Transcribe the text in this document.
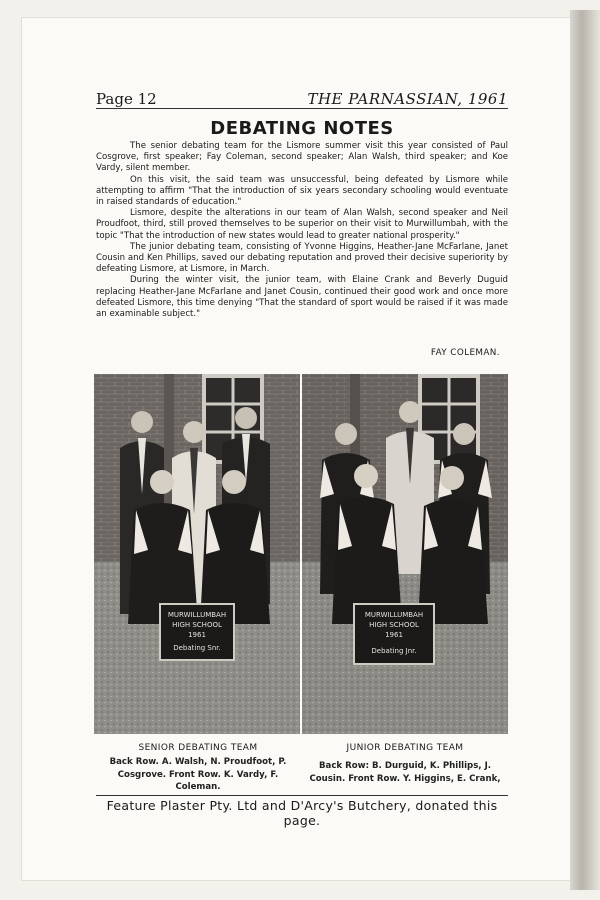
Page 12	THE PARNASSIAN, 1961
DEBATING NOTES

The senior debating team for the Lismore summer visit this year consisted of Paul Cosgrove, first speaker; Fay Coleman, second speaker; Alan Walsh, third speaker; and Koe Vardy, silent member.

On this visit, the said team was unsuccessful, being defeated by Lismore while attempting to affirm "That the introduction of six years secondary schooling would eventuate in raised standards of education."

Lismore, despite the alterations in our team of Alan Walsh, second speaker and Neil Proudfoot, third, still proved themselves to be superior on their visit to Murwillumbah, with the topic "That the introduction of new states would lead to greater national prosperity."

The junior debating team, consisting of Yvonne Higgins, Heather-Jane McFarlane, Janet Cousin and Ken Phillips, saved our debating reputation and proved their decisive superiority by defeating Lismore, at Lismore, in March.

During the winter visit, the junior team, with Elaine Crank and Beverly Duguid replacing Heather-Jane McFarlane and Janet Cousin, continued their good work and once more defeated Lismore, this time denying "That the standard of sport would be raised if it was made an examinable subject."

FAY COLEMAN.
MURWILLUMBAH
HIGH SCHOOL
1961
Debating Snr.
MURWILLUMBAH
HIGH SCHOOL
1961
Debating Jnr.
SENIOR DEBATING TEAM
Back Row. A. Walsh, N. Proudfoot, P. Cosgrove. Front Row. K. Vardy, F. Coleman.
JUNIOR DEBATING TEAM
Back Row: B. Durguid, K. Phillips, J. Cousin. Front Row. Y. Higgins, E. Crank,
Feature Plaster Pty. Ltd and D'Arcy's Butchery, donated this page.
